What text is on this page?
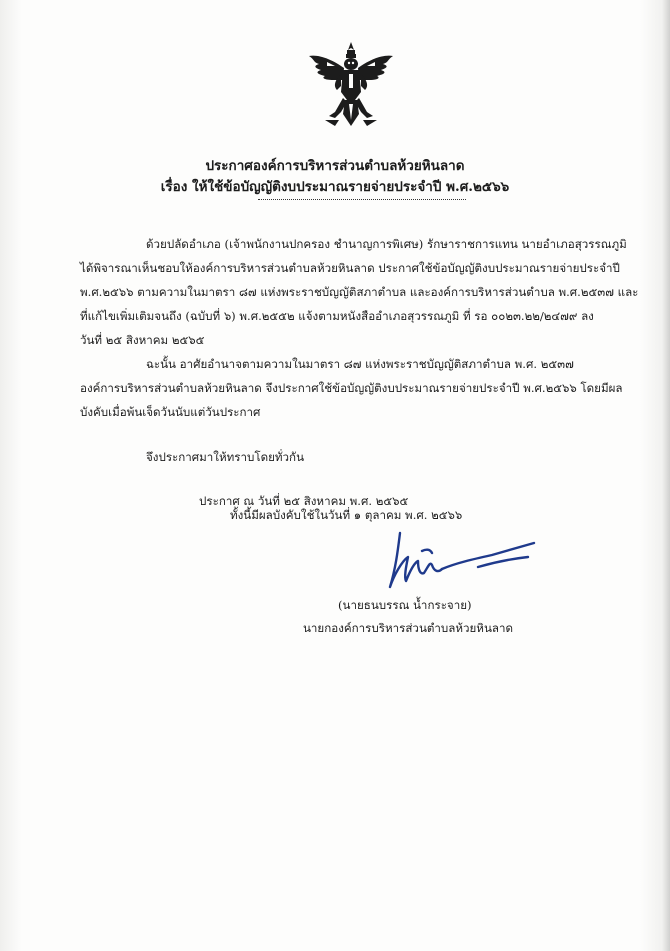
ประกาศองค์การบริหารส่วนตำบลห้วยหินลาด
เรื่อง ให้ใช้ข้อบัญญัติงบประมาณรายจ่ายประจำปี พ.ศ.๒๕๖๖
ด้วยปลัดอำเภอ (เจ้าพนักงานปกครอง ชำนาญการพิเศษ) รักษาราชการแทน นายอำเภอสุวรรณภูมิ
ได้พิจารณาเห็นชอบให้องค์การบริหารส่วนตำบลห้วยหินลาด ประกาศใช้ข้อบัญญัติงบประมาณรายจ่ายประจำปี
พ.ศ.๒๕๖๖ ตามความในมาตรา ๘๗ แห่งพระราชบัญญัติสภาตำบล และองค์การบริหารส่วนตำบล พ.ศ.๒๕๓๗ และ
ที่แก้ไขเพิ่มเติมจนถึง (ฉบับที่ ๖) พ.ศ.๒๕๕๒ แจ้งตามหนังสืออำเภอสุวรรณภูมิ ที่ รอ ๐๐๒๓.๒๒/๒๔๗๙ ลง
วันที่ ๒๕ สิงหาคม ๒๕๖๕
ฉะนั้น อาศัยอำนาจตามความในมาตรา ๘๗ แห่งพระราชบัญญัติสภาตำบล พ.ศ. ๒๕๓๗
องค์การบริหารส่วนตำบลห้วยหินลาด จึงประกาศใช้ข้อบัญญัติงบประมาณรายจ่ายประจำปี พ.ศ.๒๕๖๖ โดยมีผล
บังคับเมื่อพ้นเจ็ดวันนับแต่วันประกาศ
จึงประกาศมาให้ทราบโดยทั่วกัน
ประกาศ ณ วันที่ ๒๕ สิงหาคม พ.ศ. ๒๕๖๕
ทั้งนี้มีผลบังคับใช้ในวันที่ ๑ ตุลาคม พ.ศ. ๒๕๖๖
(นายธนบรรณ น้ำกระจาย)
นายกองค์การบริหารส่วนตำบลห้วยหินลาด
